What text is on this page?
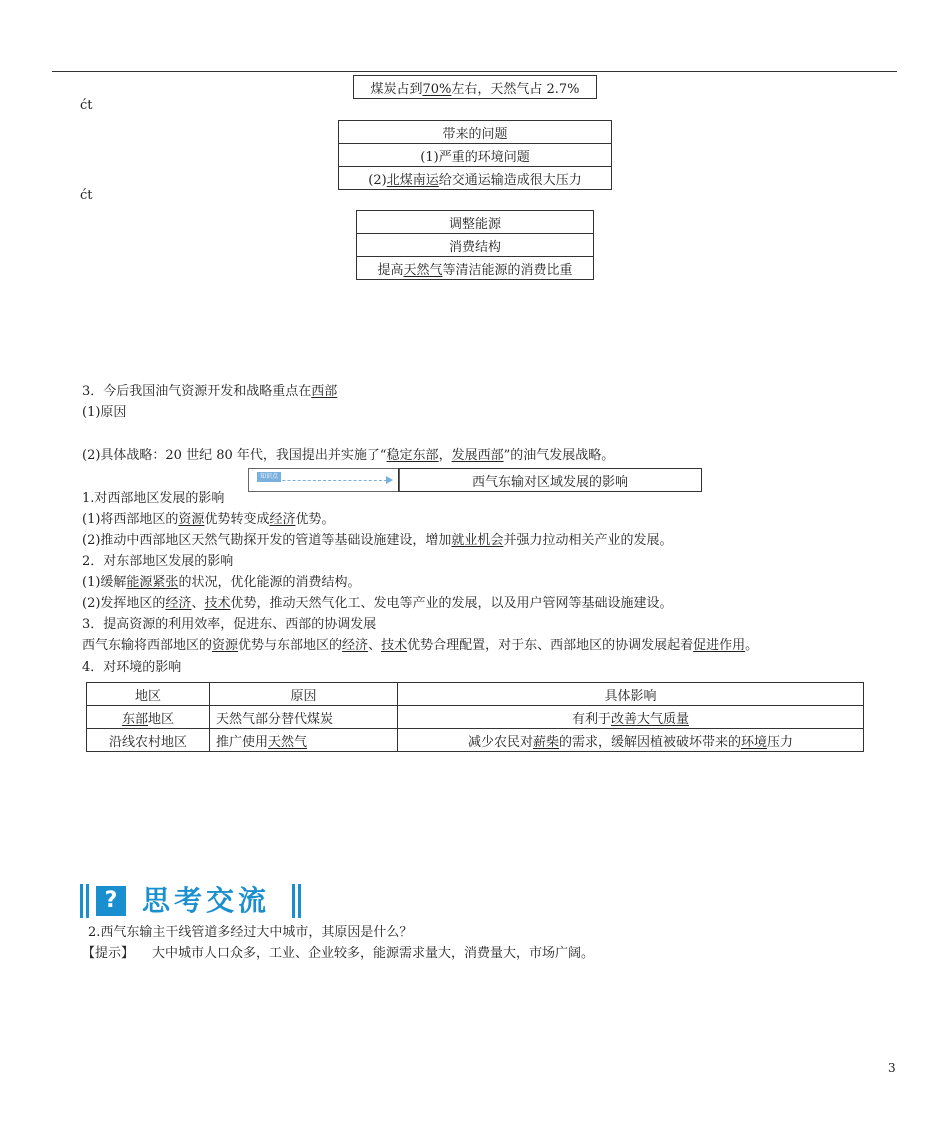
煤炭占到70%左右，天然气占 2.7%
ćt
带来的问题
(1)严重的环境问题
(2)北煤南运给交通运输造成很大压力
ćt
调整能源
消费结构
提高天然气等清洁能源的消费比重
3．今后我国油气资源开发和战略重点在西部
(1)原因
(2)具体战略：20 世纪 80 年代，我国提出并实施了“稳定东部，发展西部”的油气发展战略。
知识点	西气东输对区域发展的影响
1.对西部地区发展的影响
(1)将西部地区的资源优势转变成经济优势。
(2)推动中西部地区天然气勘探开发的管道等基础设施建设，增加就业机会并强力拉动相关产业的发展。
2．对东部地区发展的影响
(1)缓解能源紧张的状况，优化能源的消费结构。
(2)发挥地区的经济、技术优势，推动天然气化工、发电等产业的发展，以及用户管网等基础设施建设。
3．提高资源的利用效率，促进东、西部的协调发展
西气东输将西部地区的资源优势与东部地区的经济、技术优势合理配置，对于东、西部地区的协调发展起着促进作用。
4．对环境的影响
地区	原因	具体影响
东部地区	天然气部分替代煤炭	有利于改善大气质量
沿线农村地区	推广使用天然气	减少农民对薪柴的需求，缓解因植被破坏带来的环境压力
? 思考交流
2.西气东输主干线管道多经过大中城市，其原因是什么？
【提示】 大中城市人口众多，工业、企业较多，能源需求量大，消费量大，市场广阔。
3
